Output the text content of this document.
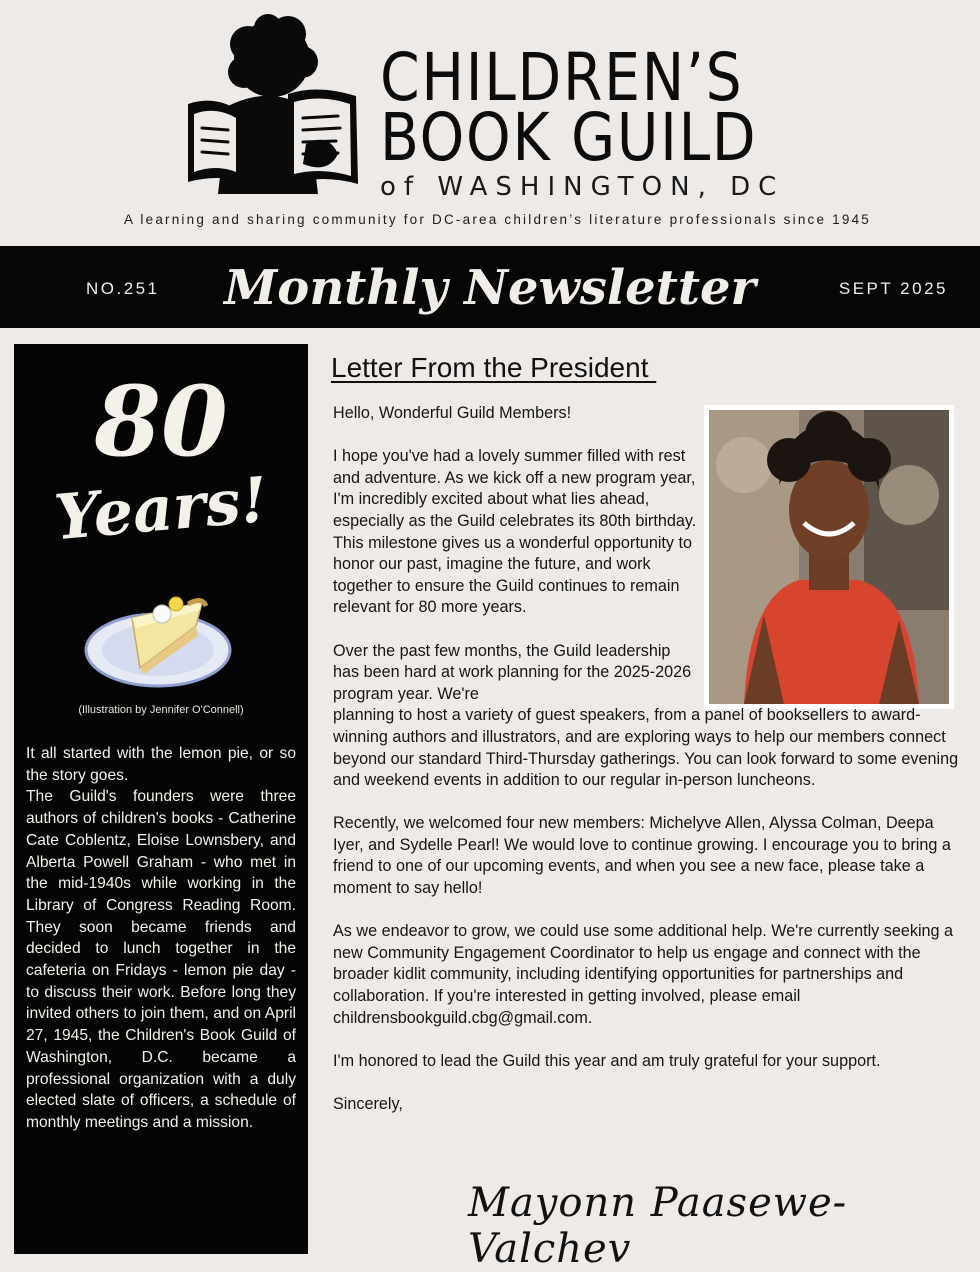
CHILDREN’S
BOOK GUILD
of WASHINGTON, DC
A learning and sharing community for DC-area children’s literature professionals since 1945
NO.251	Monthly Newsletter	SEPT 2025
80
Years!
(Illustration by Jennifer O'Connell)

It all started with the lemon pie, or so the story goes.

The Guild's founders were three authors of children's books - Catherine Cate Coblentz, Eloise Lownsbery, and Alberta Powell Graham - who met in the mid-1940s while working in the Library of Congress Reading Room. They soon became friends and decided to lunch together in the cafeteria on Fridays - lemon pie day - to discuss their work. Before long they invited others to join them, and on April 27, 1945, the Children's Book Guild of Washington, D.C. became a professional organization with a duly elected slate of officers, a schedule of monthly meetings and a mission.

Letter From the President

Hello, Wonderful Guild Members!

I hope you've had a lovely summer filled with rest and adventure. As we kick off a new program year, I'm incredibly excited about what lies ahead, especially as the Guild celebrates its 80th birthday. This milestone gives us a wonderful opportunity to honor our past, imagine the future, and work together to ensure the Guild continues to remain relevant for 80 more years.

Over the past few months, the Guild leadership has been hard at work planning for the 2025-2026 program year. We're

planning to host a variety of guest speakers, from a panel of booksellers to award-winning authors and illustrators, and are exploring ways to help our members connect beyond our standard Third-Thursday gatherings. You can look forward to some evening and weekend events in addition to our regular in-person luncheons.

Recently, we welcomed four new members: Michelyve Allen, Alyssa Colman, Deepa Iyer, and Sydelle Pearl! We would love to continue growing. I encourage you to bring a friend to one of our upcoming events, and when you see a new face, please take a moment to say hello!

As we endeavor to grow, we could use some additional help. We're currently seeking a new Community Engagement Coordinator to help us engage and connect with the broader kidlit community, including identifying opportunities for partnerships and collaboration. If you're interested in getting involved, please email childrensbookguild.cbg@gmail.com.

I'm honored to lead the Guild this year and am truly grateful for your support.

Sincerely,

Mayonn Paasewe-Valchev
